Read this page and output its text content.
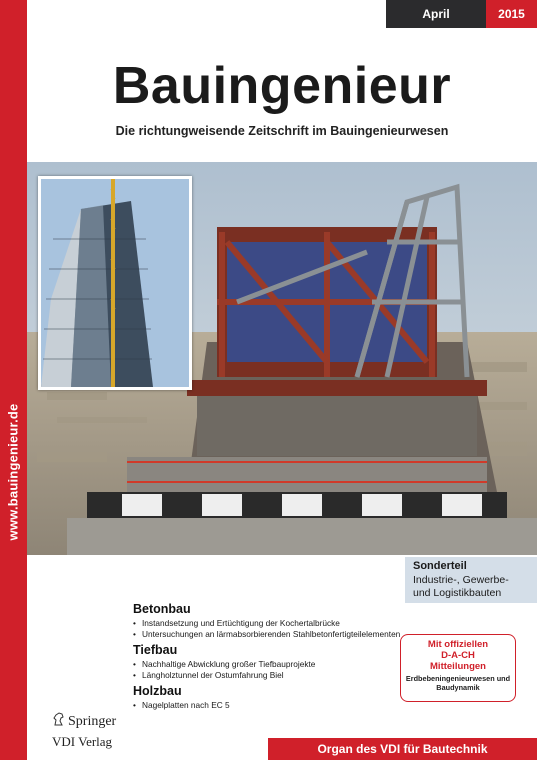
www.bauingenieur.de
April	2015
Bauingenieur
Die richtungweisende Zeitschrift im Bauingenieurwesen
Sonderteil
Industrie-, Gewerbe-
und Logistikbauten
Betonbau
• Instandsetzung und Ertüchtigung der Kochertalbrücke
• Untersuchungen an lärmabsorbierenden Stahlbetonfertigteilelementen
Tiefbau
• Nachhaltige Abwicklung großer Tiefbauprojekte
• Längholztunnel der Ostumfahrung Biel
Holzbau
• Nagelplatten nach EC 5
Mit offiziellen
D-A-CH
Mitteilungen
Erdbebeningenieurwesen und Baudynamik
Springer
VDI Verlag	Organ des VDI für Bautechnik
